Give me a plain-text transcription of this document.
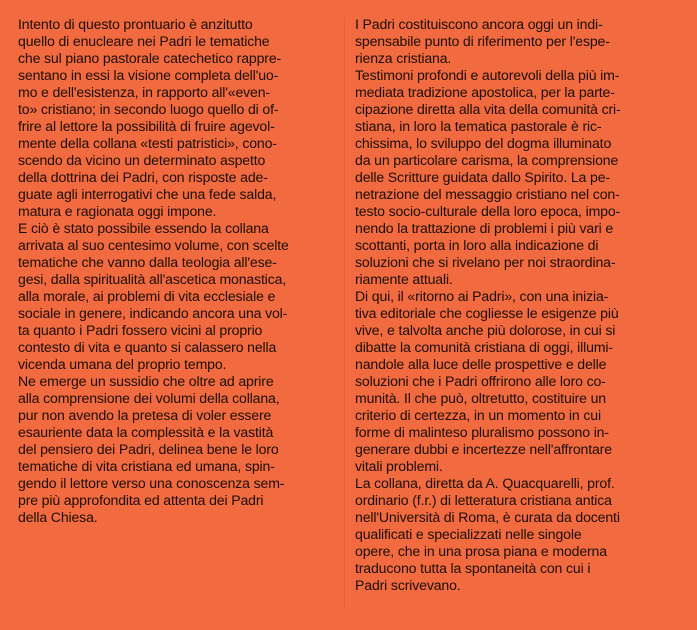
Intento di questo prontuario è anzitutto
quello di enucleare nei Padri le tematiche
che sul piano pastorale catechetico rappre-
sentano in essi la visione completa dell'uo-
mo e dell'esistenza, in rapporto all'«even-
to» cristiano; in secondo luogo quello di of-
frire al lettore la possibilità di fruire agevol-
mente della collana «testi patristici», cono-
scendo da vicino un determinato aspetto
della dottrina dei Padri, con risposte ade-
guate agli interrogativi che una fede salda,
matura e ragionata oggi impone.
E ciò è stato possibile essendo la collana
arrivata al suo centesimo volume, con scelte
tematiche che vanno dalla teologia all'ese-
gesi, dalla spiritualità all'ascetica monastica,
alla morale, ai problemi di vita ecclesiale e
sociale in genere, indicando ancora una vol-
ta quanto i Padri fossero vicini al proprio
contesto di vita e quanto si calassero nella
vicenda umana del proprio tempo.
Ne emerge un sussidio che oltre ad aprire
alla comprensione dei volumi della collana,
pur non avendo la pretesa di voler essere
esauriente data la complessità e la vastità
del pensiero dei Padri, delinea bene le loro
tematiche di vita cristiana ed umana, spin-
gendo il lettore verso una conoscenza sem-
pre più approfondita ed attenta dei Padri
della Chiesa.
I Padri costituiscono ancora oggi un indi-
spensabile punto di riferimento per l'espe-
rienza cristiana.
Testimoni profondi e autorevoli della più im-
mediata tradizione apostolica, per la parte-
cipazione diretta alla vita della comunità cri-
stiana, in loro la tematica pastorale è ric-
chissima, lo sviluppo del dogma illuminato
da un particolare carisma, la comprensione
delle Scritture guidata dallo Spirito. La pe-
netrazione del messaggio cristiano nel con-
testo socio-culturale della loro epoca, impo-
nendo la trattazione di problemi i più vari e
scottanti, porta in loro alla indicazione di
soluzioni che si rivelano per noi straordina-
riamente attuali.
Di qui, il «ritorno ai Padri», con una inizia-
tiva editoriale che cogliesse le esigenze più
vive, e talvolta anche più dolorose, in cui si
dibatte la comunità cristiana di oggi, illumi-
nandole alla luce delle prospettive e delle
soluzioni che i Padri offrirono alle loro co-
munità. Il che può, oltretutto, costituire un
criterio di certezza, in un momento in cui
forme di malinteso pluralismo possono in-
generare dubbi e incertezze nell'affrontare
vitali problemi.
La collana, diretta da A. Quacquarelli, prof.
ordinario (f.r.) di letteratura cristiana antica
nell'Università di Roma, è curata da docenti
qualificati e specializzati nelle singole
opere, che in una prosa piana e moderna
traducono tutta la spontaneità con cui i
Padri scrivevano.
